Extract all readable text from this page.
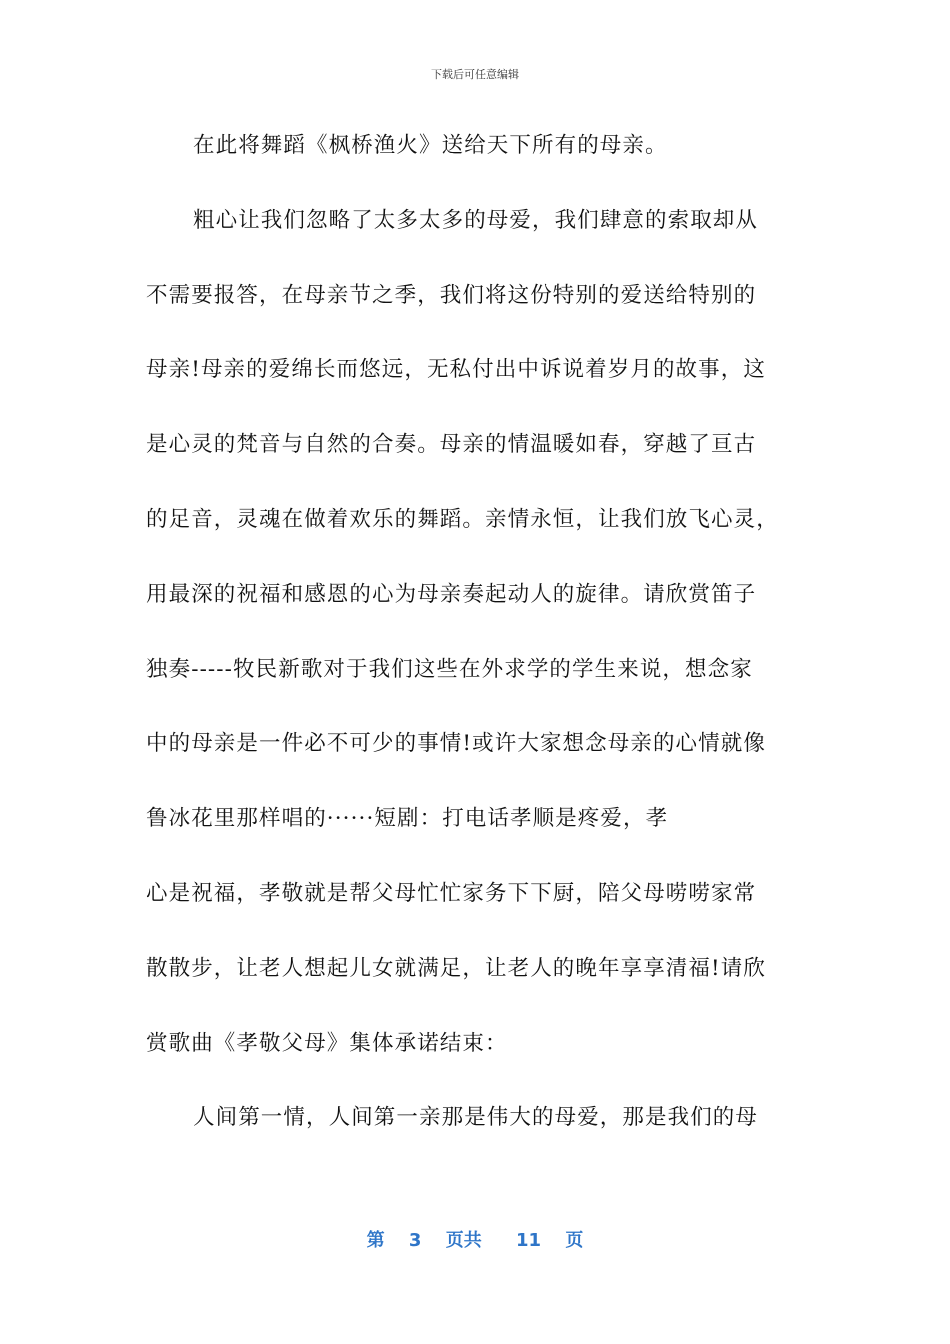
下载后可任意编辑
在此将舞蹈《枫桥渔火》送给天下所有的母亲。
粗心让我们忽略了太多太多的母爱，我们肆意的索取却从
不需要报答，在母亲节之季，我们将这份特别的爱送给特别的
母亲!母亲的爱绵长而悠远，无私付出中诉说着岁月的故事，这
是心灵的梵音与自然的合奏。母亲的情温暖如春，穿越了亘古
的足音，灵魂在做着欢乐的舞蹈。亲情永恒，让我们放飞心灵，
用最深的祝福和感恩的心为母亲奏起动人的旋律。请欣赏笛子
独奏-----牧民新歌对于我们这些在外求学的学生来说，想念家
中的母亲是一件必不可少的事情!或许大家想念母亲的心情就像
鲁冰花里那样唱的······短剧：打电话孝顺是疼爱，孝
心是祝福，孝敬就是帮父母忙忙家务下下厨，陪父母唠唠家常
散散步，让老人想起儿女就满足，让老人的晚年享享清福!请欣
赏歌曲《孝敬父母》集体承诺结束：
人间第一情，人间第一亲那是伟大的母爱，那是我们的母
第 3 页共 11 页
